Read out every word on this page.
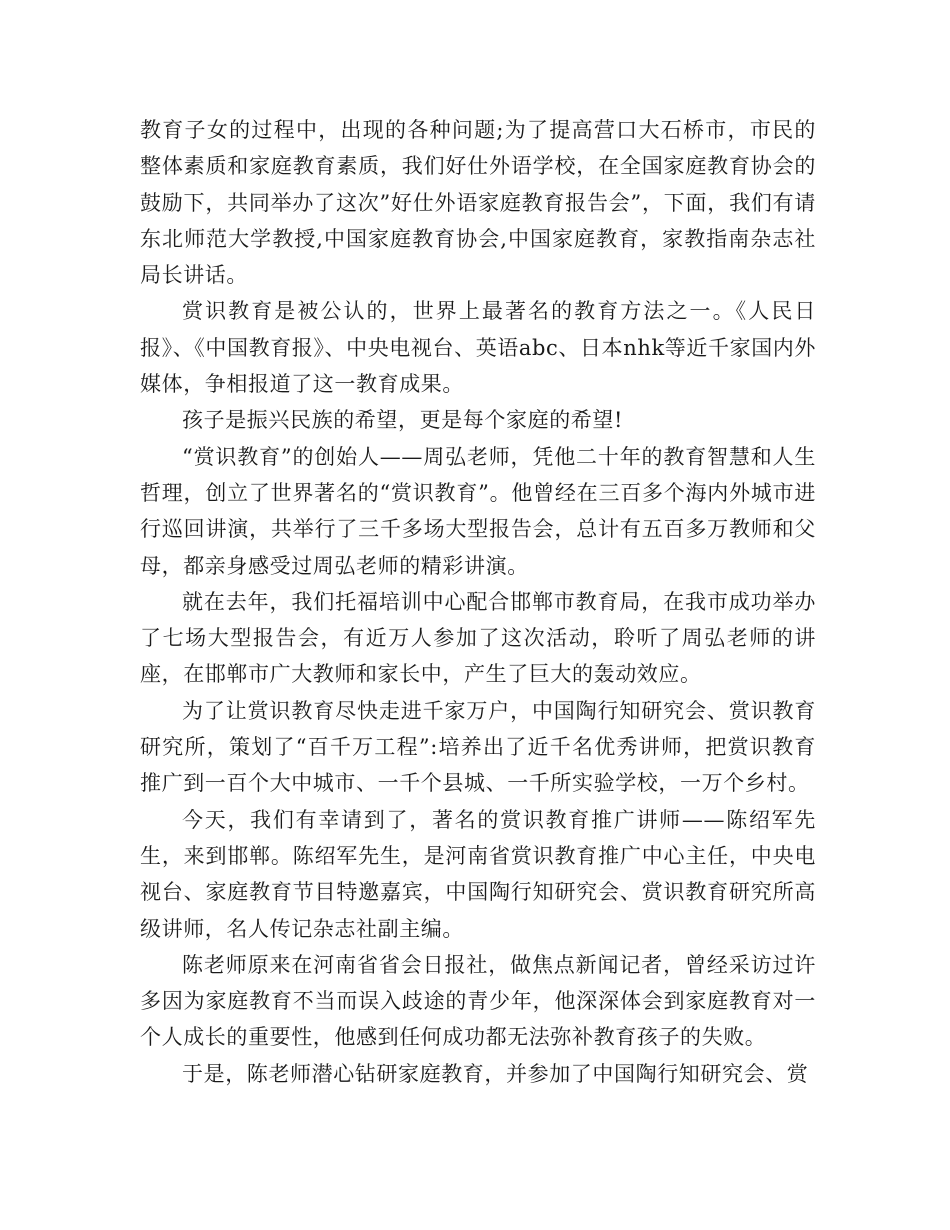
教育子女的过程中，出现的各种问题;为了提高营口大石桥市，市民的整体素质和家庭教育素质，我们好仕外语学校，在全国家庭教育协会的鼓励下，共同举办了这次”好仕外语家庭教育报告会”，下面，我们有请东北师范大学教授,中国家庭教育协会,中国家庭教育，家教指南杂志社 局长讲话。

赏识教育是被公认的，世界上最著名的教育方法之一。《人民日报》、《中国教育报》、中央电视台、英语abc、日本nhk等近千家国内外媒体，争相报道了这一教育成果。

孩子是振兴民族的希望，更是每个家庭的希望!

“赏识教育”的创始人——周弘老师，凭他二十年的教育智慧和人生哲理，创立了世界著名的“赏识教育”。他曾经在三百多个海内外城市进行巡回讲演，共举行了三千多场大型报告会，总计有五百多万教师和父母，都亲身感受过周弘老师的精彩讲演。

就在去年，我们托福培训中心配合邯郸市教育局，在我市成功举办了七场大型报告会，有近万人参加了这次活动，聆听了周弘老师的讲座，在邯郸市广大教师和家长中，产生了巨大的轰动效应。

为了让赏识教育尽快走进千家万户，中国陶行知研究会、赏识教育研究所，策划了“百千万工程”:培养出了近千名优秀讲师，把赏识教育推广到一百个大中城市、一千个县城、一千所实验学校，一万个乡村。

今天，我们有幸请到了，著名的赏识教育推广讲师——陈绍军先生，来到邯郸。陈绍军先生，是河南省赏识教育推广中心主任，中央电视台、家庭教育节目特邀嘉宾，中国陶行知研究会、赏识教育研究所高级讲师，名人传记杂志社副主编。

陈老师原来在河南省省会日报社，做焦点新闻记者，曾经采访过许多因为家庭教育不当而误入歧途的青少年，他深深体会到家庭教育对一个人成长的重要性，他感到任何成功都无法弥补教育孩子的失败。

于是，陈老师潜心钻研家庭教育，并参加了中国陶行知研究会、赏
